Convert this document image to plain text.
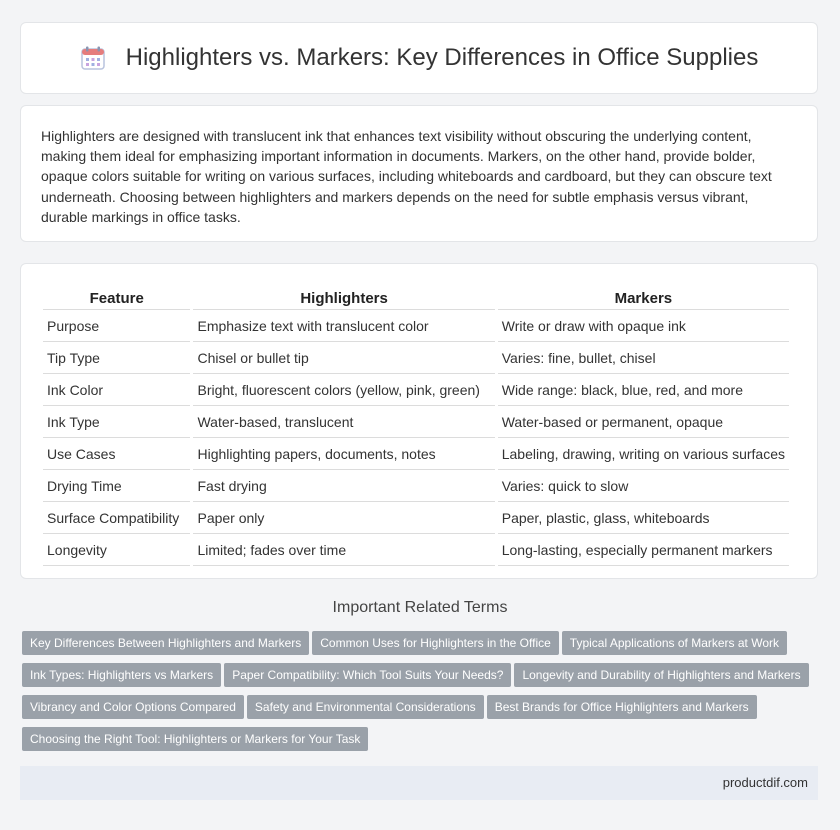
Highlighters vs. Markers: Key Differences in Office Supplies

Highlighters are designed with translucent ink that enhances text visibility without obscuring the underlying content, making them ideal for emphasizing important information in documents. Markers, on the other hand, provide bolder, opaque colors suitable for writing on various surfaces, including whiteboards and cardboard, but they can obscure text underneath. Choosing between highlighters and markers depends on the need for subtle emphasis versus vibrant, durable markings in office tasks.

Feature	Highlighters	Markers
Purpose	Emphasize text with translucent color	Write or draw with opaque ink
Tip Type	Chisel or bullet tip	Varies: fine, bullet, chisel
Ink Color	Bright, fluorescent colors (yellow, pink, green)	Wide range: black, blue, red, and more
Ink Type	Water-based, translucent	Water-based or permanent, opaque
Use Cases	Highlighting papers, documents, notes	Labeling, drawing, writing on various surfaces
Drying Time	Fast drying	Varies: quick to slow
Surface Compatibility	Paper only	Paper, plastic, glass, whiteboards
Longevity	Limited; fades over time	Long-lasting, especially permanent markers
Important Related Terms
Key Differences Between Highlighters and Markers Common Uses for Highlighters in the Office Typical Applications of Markers at WorkInk Types: Highlighters vs Markers Paper Compatibility: Which Tool Suits Your Needs? Longevity and Durability of Highlighters and MarkersVibrancy and Color Options Compared Safety and Environmental Considerations Best Brands for Office Highlighters and MarkersChoosing the Right Tool: Highlighters or Markers for Your Task
productdif.com
